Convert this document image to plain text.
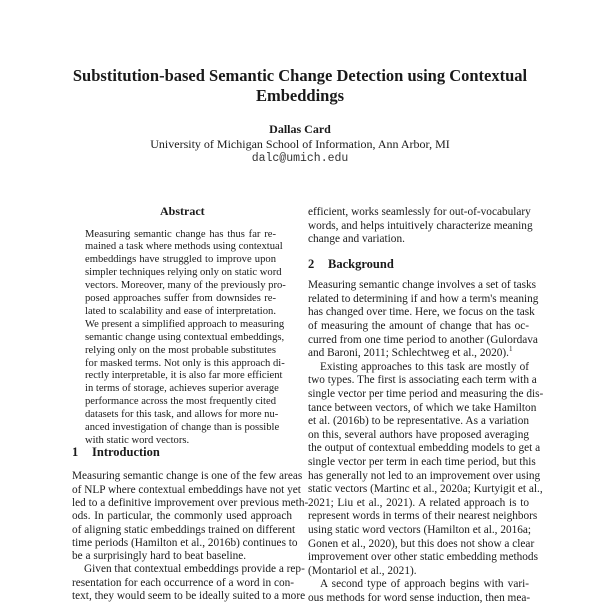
Substitution-based Semantic Change Detection using Contextual
Embeddings
Dallas Card
University of Michigan School of Information, Ann Arbor, MI
dalc@umich.edu
Abstract
1 Introduction
2 Background
Measuring semantic change has thus far re-
mained a task where methods using contextual
embeddings have struggled to improve upon
simpler techniques relying only on static word
vectors. Moreover, many of the previously pro-
posed approaches suffer from downsides re-
lated to scalability and ease of interpretation.
We present a simplified approach to measuring
semantic change using contextual embeddings,
relying only on the most probable substitutes
for masked terms. Not only is this approach di-
rectly interpretable, it is also far more efficient
in terms of storage, achieves superior average
performance across the most frequently cited
datasets for this task, and allows for more nu-
anced investigation of change than is possible
with static word vectors.
Measuring semantic change is one of the few areas
of NLP where contextual embeddings have not yet
led to a definitive improvement over previous meth-
ods. In particular, the commonly used approach
of aligning static embeddings trained on different
time periods (Hamilton et al., 2016b) continues to
be a surprisingly hard to beat baseline.
Given that contextual embeddings provide a rep-
resentation for each occurrence of a word in con-
text, they would seem to be ideally suited to a more
efficient, works seamlessly for out-of-vocabulary
words, and helps intuitively characterize meaning
change and variation.
Measuring semantic change involves a set of tasks
related to determining if and how a term's meaning
has changed over time. Here, we focus on the task
of measuring the amount of change that has oc-
curred from one time period to another (Gulordava
and Baroni, 2011; Schlechtweg et al., 2020).$^1$
Existing approaches to this task are mostly of
two types. The first is associating each term with a
single vector per time period and measuring the dis-
tance between vectors, of which we take Hamilton
et al. (2016b) to be representative. As a variation
on this, several authors have proposed averaging
the output of contextual embedding models to get a
single vector per term in each time period, but this
has generally not led to an improvement over using
static vectors (Martinc et al., 2020a; Kurtyigit et al.,
2021; Liu et al., 2021). A related approach is to
represent words in terms of their nearest neighbors
using static word vectors (Hamilton et al., 2016a;
Gonen et al., 2020), but this does not show a clear
improvement over other static embedding methods
(Montariol et al., 2021).
A second type of approach begins with vari-
ous methods for word sense induction, then mea-
